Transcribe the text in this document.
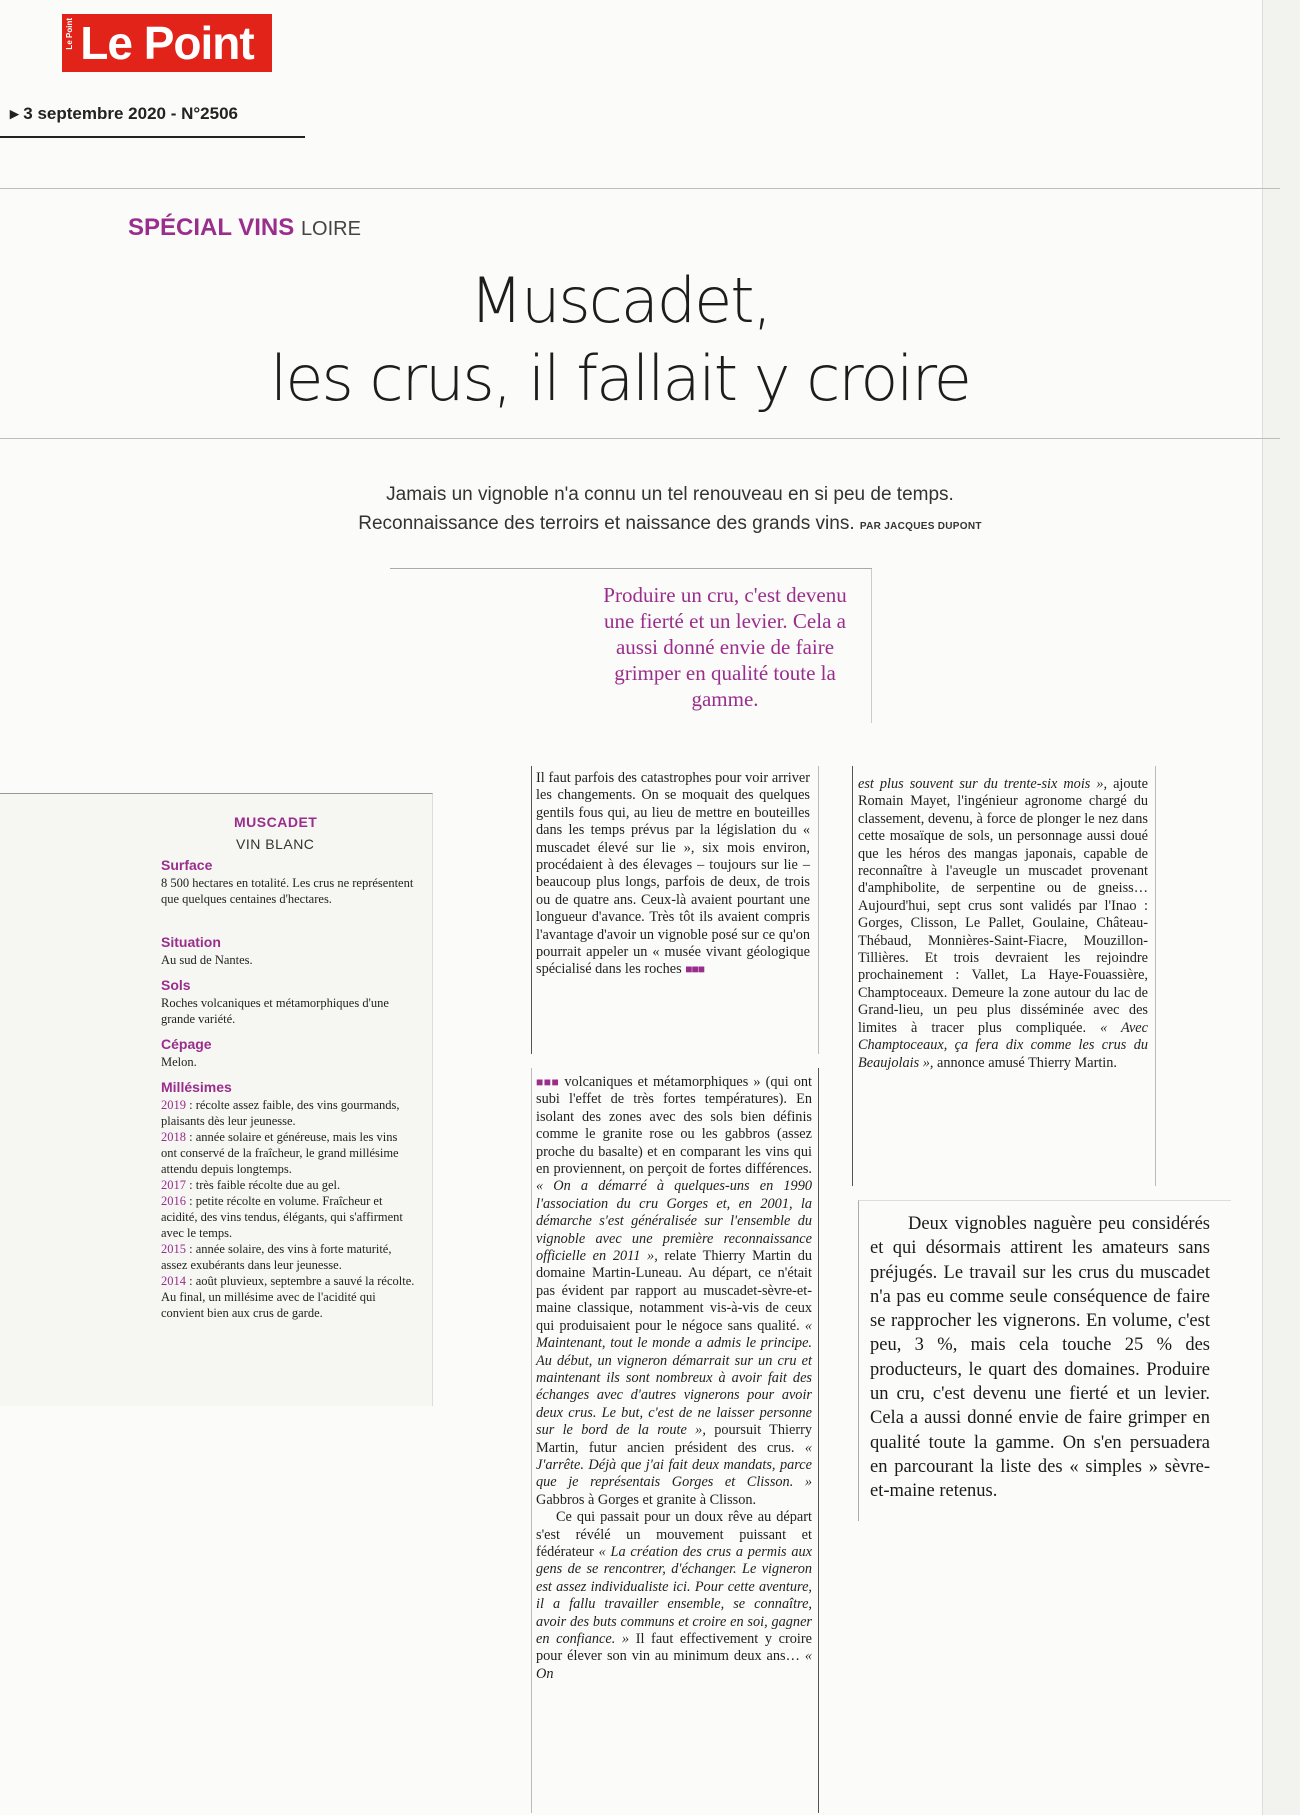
Le Point Le Point
▸ 3 septembre 2020 - N°2506
SPÉCIAL VINS LOIRE
Muscadet,
les crus, il fallait y croire
Jamais un vignoble n'a connu un tel renouveau en si peu de temps.
Reconnaissance des terroirs et naissance des grands vins. PAR JACQUES DUPONT
Produire un cru, c'est devenu une fierté et un levier. Cela a aussi donné envie de faire grimper en qualité toute la gamme.
MUSCADET
VIN BLANC
Surface
8 500 hectares en totalité. Les crus ne représentent que quelques centaines d'hectares.
Situation
Au sud de Nantes.
Sols
Roches volcaniques et métamorphiques d'une grande variété.
Cépage
Melon.
Millésimes
2019 : récolte assez faible, des vins gourmands, plaisants dès leur jeunesse.
2018 : année solaire et généreuse, mais les vins ont conservé de la fraîcheur, le grand millésime attendu depuis longtemps.
2017 : très faible récolte due au gel.
2016 : petite récolte en volume. Fraîcheur et acidité, des vins tendus, élégants, qui s'affirment avec le temps.
2015 : année solaire, des vins à forte maturité, assez exubérants dans leur jeunesse.
2014 : août pluvieux, septembre a sauvé la récolte. Au final, un millésime avec de l'acidité qui convient bien aux crus de garde.

Il faut parfois des catastrophes pour voir arriver les changements. On se moquait des quelques gentils fous qui, au lieu de mettre en bouteilles dans les temps prévus par la législation du « muscadet élevé sur lie », six mois environ, procédaient à des élevages – toujours sur lie – beaucoup plus longs, parfois de deux, de trois ou de quatre ans. Ceux-là avaient pourtant une longueur d'avance. Très tôt ils avaient compris l'avantage d'avoir un vignoble posé sur ce qu'on pourrait appeler un « musée vivant géologique spécialisé dans les roches ■■■

■■■ volcaniques et métamorphiques » (qui ont subi l'effet de très fortes températures). En isolant des zones avec des sols bien définis comme le granite rose ou les gabbros (assez proche du basalte) et en comparant les vins qui en proviennent, on perçoit de fortes différences. « On a démarré à quelques-uns en 1990 l'association du cru Gorges et, en 2001, la démarche s'est généralisée sur l'ensemble du vignoble avec une première reconnaissance officielle en 2011 », relate Thierry Martin du domaine Martin-Luneau. Au départ, ce n'était pas évident par rapport au muscadet-sèvre-et-maine classique, notamment vis-à-vis de ceux qui produisaient pour le négoce sans qualité. « Maintenant, tout le monde a admis le principe. Au début, un vigneron démarrait sur un cru et maintenant ils sont nombreux à avoir fait des échanges avec d'autres vignerons pour avoir deux crus. Le but, c'est de ne laisser personne sur le bord de la route », poursuit Thierry Martin, futur ancien président des crus. « J'arrête. Déjà que j'ai fait deux mandats, parce que je représentais Gorges et Clisson. » Gabbros à Gorges et granite à Clisson.

Ce qui passait pour un doux rêve au départ s'est révélé un mouvement puissant et fédérateur « La création des crus a permis aux gens de se rencontrer, d'échanger. Le vigneron est assez individualiste ici. Pour cette aventure, il a fallu travailler ensemble, se connaître, avoir des buts communs et croire en soi, gagner en confiance. » Il faut effectivement y croire pour élever son vin au minimum deux ans… « On

est plus souvent sur du trente-six mois », ajoute Romain Mayet, l'ingénieur agronome chargé du classement, devenu, à force de plonger le nez dans cette mosaïque de sols, un personnage aussi doué que les héros des mangas japonais, capable de reconnaître à l'aveugle un muscadet provenant d'amphibolite, de serpentine ou de gneiss… Aujourd'hui, sept crus sont validés par l'Inao : Gorges, Clisson, Le Pallet, Goulaine, Château-Thébaud, Monnières-Saint-Fiacre, Mouzillon-Tillières. Et trois devraient les rejoindre prochainement : Vallet, La Haye-Fouassière, Champtoceaux. Demeure la zone autour du lac de Grand-lieu, un peu plus disséminée avec des limites à tracer plus compliquée. « Avec Champtoceaux, ça fera dix comme les crus du Beaujolais », annonce amusé Thierry Martin.

Deux vignobles naguère peu considérés et qui désormais attirent les amateurs sans préjugés. Le travail sur les crus du muscadet n'a pas eu comme seule conséquence de faire se rapprocher les vignerons. En volume, c'est peu, 3 %, mais cela touche 25 % des producteurs, le quart des domaines. Produire un cru, c'est devenu une fierté et un levier. Cela a aussi donné envie de faire grimper en qualité toute la gamme. On s'en persuadera en parcourant la liste des « simples » sèvre-et-maine retenus.
